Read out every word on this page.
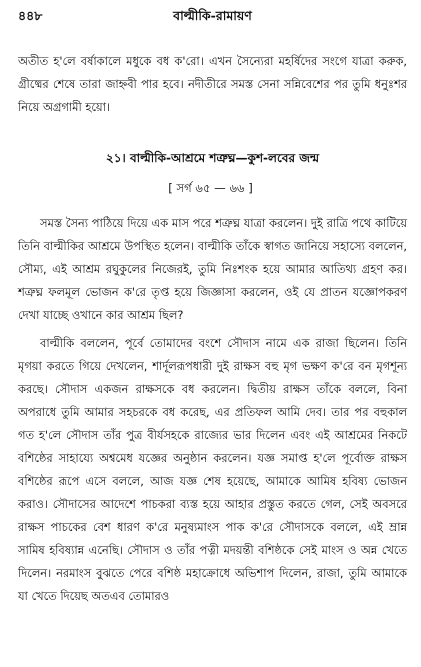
৪৪৮	বাল্মীকি-রামায়ণ

অতীত হ'লে বর্ষাকালে মধুকে বধ ক'রো। এখন সৈন্যেরা মহর্ষিদের সংগে যাত্রা করুক, গ্রীষ্মের শেষে তারা জাহ্নবী পার হবে। নদীতীরে সমস্ত সেনা সন্নিবেশের পর তুমি ধনুঃশর নিয়ে অগ্রগামী হয়ো।

২১। বাল্মীকি-আশ্রমে শত্রুঘ্ন—কুশ-লবের জন্ম
[ সর্গ ৬৫ — ৬৬ ]

সমস্ত সৈন্য পাঠিয়ে দিয়ে এক মাস পরে শত্রুঘ্ন যাত্রা করলেন। দুই রাত্রি পথে কাটিয়ে তিনি বাল্মীকির আশ্রমে উপস্থিত হলেন। বাল্মীকি তাঁকে স্বাগত জানিয়ে সহাস্যে বললেন, সৌম্য, এই আশ্রম রঘুকুলের নিজেরই, তুমি নিঃশংক হয়ে আমার আতিথ্য গ্রহণ কর। শত্রুঘ্ন ফলমূল ভোজন ক'রে তৃপ্ত হয়ে জিজ্ঞাসা করলেন, ওই যে প্রাতন যজ্ঞোপকরণ দেখা যাচ্ছে ওখানে কার আশ্রম ছিল?

বাল্মীকি বললেন, পূর্বে তোমাদের বংশে সৌদাস নামে এক রাজা ছিলেন। তিনি মৃগয়া করতে গিয়ে দেখলেন, শার্দূলরূপধারী দুই রাক্ষস বহু মৃগ ভক্ষণ ক'রে বন মৃগশূন্য করছে। সৌদাস একজন রাক্ষসকে বধ করলেন। দ্বিতীয় রাক্ষস তাঁকে বললে, বিনা অপরাধে তুমি আমার সহচরকে বধ করেছ, এর প্রতিফল আমি দেব। তার পর বহুকাল গত হ'লে সৌদাস তাঁর পুত্র বীর্যসহকে রাজ্যের ভার দিলেন এবং এই আশ্রমের নিকটে বশিষ্ঠের সাহায্যে অশ্বমেধ যজ্ঞের অনুষ্ঠান করলেন। যজ্ঞ সমাপ্ত হ'লে পূর্বোক্ত রাক্ষস বশিষ্ঠের রূপে এসে বললে, আজ যজ্ঞ শেষ হয়েছে, আমাকে আমিষ হবিষ্য ভোজন করাও। সৌদাসের আদেশে পাচকরা ব্যস্ত হয়ে আহার প্রস্তুত করতে গেল, সেই অবসরে রাক্ষস পাচকের বেশ ধারণ ক'রে মনুষ্যমাংস পাক ক'রে সৌদাসকে বললে, এই ম্রান্ন সামিষ হবিষ্যান্ন এনেছি। সৌদাস ও তাঁর পত্নী মদয়ন্তী বশিষ্ঠকে সেই মাংস ও অন্ন খেতে দিলেন। নরমাংস বুঝতে পেরে বশিষ্ঠ মহাক্রোধে অভিশাপ দিলেন, রাজা, তুমি আমাকে যা খেতে দিয়েছ অতএব তোমারও
